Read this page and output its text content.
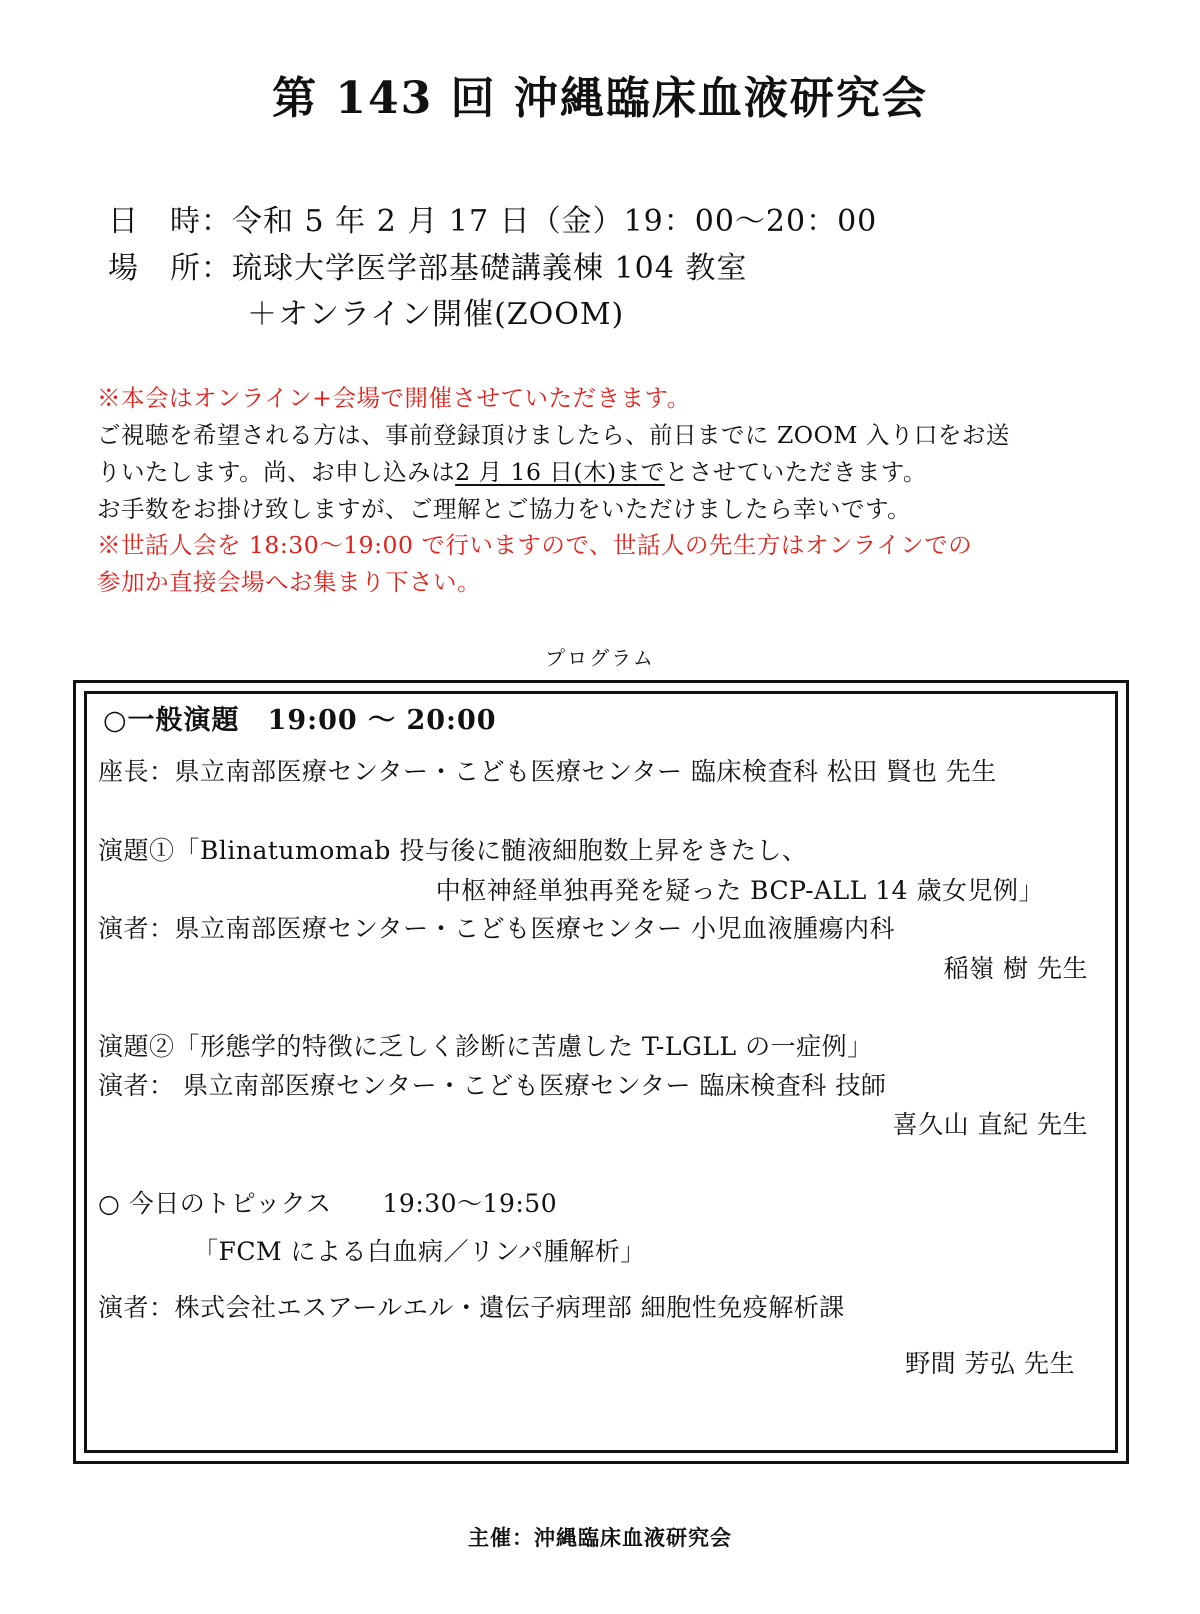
第 143 回 沖縄臨床血液研究会
日　時：令和 5 年 2 月 17 日（金）19：00〜20：00
場　所：琉球大学医学部基礎講義棟 104 教室
＋オンライン開催(ZOOM)
※本会はオンライン+会場で開催させていただきます。
ご視聴を希望される方は、事前登録頂けましたら、前日までに ZOOM 入り口をお送
りいたします。尚、お申し込みは2 月 16 日(木)までとさせていただきます。
お手数をお掛け致しますが、ご理解とご協力をいただけましたら幸いです。
※世話人会を 18:30〜19:00 で行いますので、世話人の先生方はオンラインでの
参加か直接会場へお集まり下さい。
プログラム
○一般演題　19:00 〜 20:00
座長：県立南部医療センター・こども医療センター 臨床検査科 松田 賢也 先生
演題①「Blinatumomab 投与後に髄液細胞数上昇をきたし、
中枢神経単独再発を疑った BCP-ALL 14 歳女児例」
演者：県立南部医療センター・こども医療センター 小児血液腫瘍内科
稲嶺 樹 先生
演題②「形態学的特徴に乏しく診断に苦慮した T-LGLL の一症例」
演者： 県立南部医療センター・こども医療センター 臨床検査科 技師
喜久山 直紀 先生
○ 今日のトピックス　　19:30〜19:50
「FCM による白血病／リンパ腫解析」
演者：株式会社エスアールエル・遺伝子病理部 細胞性免疫解析課
野間 芳弘 先生
主催：沖縄臨床血液研究会
